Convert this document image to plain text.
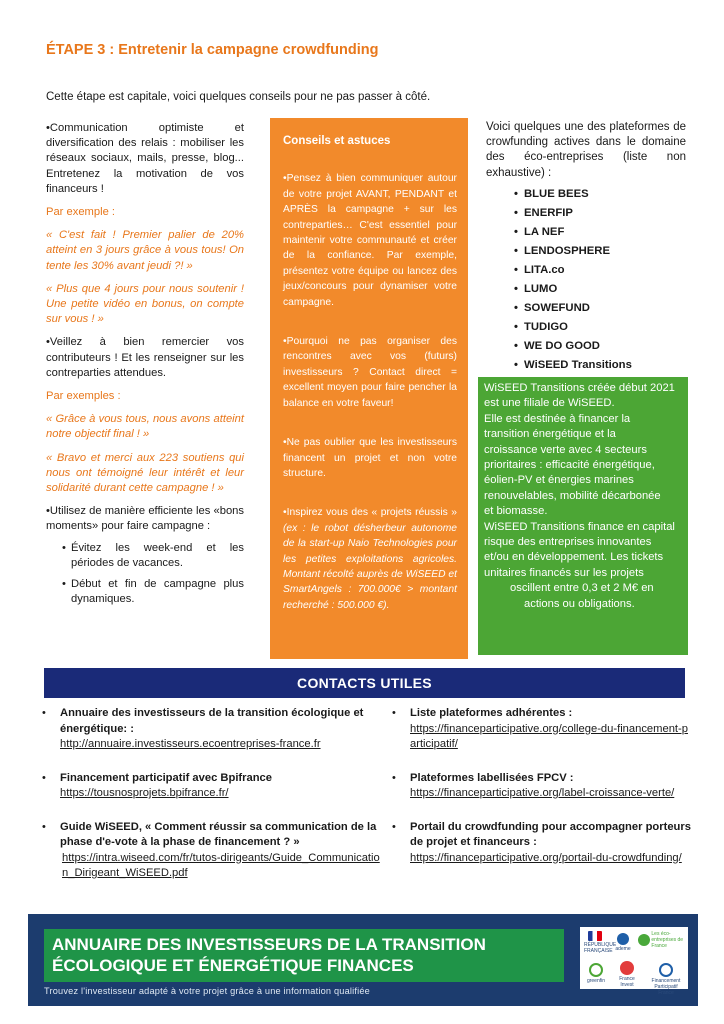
ÉTAPE 3 : Entretenir la campagne crowdfunding
Cette étape est capitale, voici quelques conseils pour ne pas passer à côté.

•Communication optimiste et diversification des relais : mobiliser les réseaux sociaux, mails, presse, blog... Entretenez la motivation de vos financeurs !

Par exemple :

« C'est fait ! Premier palier de 20% atteint en 3 jours grâce à vous tous! On tente les 30% avant jeudi ?! »

« Plus que 4 jours pour nous soutenir ! Une petite vidéo en bonus, on compte sur vous ! »

•Veillez à bien remercier vos contributeurs ! Et les renseigner sur les contreparties attendues.

Par exemples :

« Grâce à vous tous, nous avons atteint notre objectif final ! »

« Bravo et merci aux 223 soutiens qui nous ont témoigné leur intérêt et leur solidarité durant cette campagne ! »

•Utilisez de manière efficiente les «bons moments» pour faire campagne :

• Évitez les week-end et les périodes de vacances.
• Début et fin de campagne plus dynamiques.
Conseils et astuces

•Pensez à bien communiquer autour de votre projet AVANT, PENDANT et APRÈS la campagne + sur les contreparties… C'est essentiel pour maintenir votre communauté et créer de la confiance. Par exemple, présentez votre équipe ou lancez des jeux/concours pour dynamiser votre campagne.

•Pourquoi ne pas organiser des rencontres avec vos (futurs) investisseurs ? Contact direct = excellent moyen pour faire pencher la balance en votre faveur!

•Ne pas oublier que les investisseurs financent un projet et non votre structure.

•Inspirez vous des « projets réussis » (ex : le robot désherbeur autonome de la start-up Naio Technologies pour les petites exploitations agricoles. Montant récolté auprès de WiSEED et SmartAngels : 700.000€ > montant recherché : 500.000 €).

Voici quelques une des plateformes de crowfunding actives dans le domaine des éco-entreprises (liste non exhaustive) :

• BLUE BEES
• ENERFIP
• LA NEF
• LENDOSPHERE
• LITA.co
• LUMO
• SOWEFUND
• TUDIGO
• WE DO GOOD
• WiSEED Transitions
WiSEED Transitions créée début 2021
est une filiale de WiSEED.
Elle est destinée à financer la
transition énergétique et la
croissance verte avec 4 secteurs
prioritaires : efficacité énergétique,
éolien-PV et énergies marines
renouvelables, mobilité décarbonée
et biomasse.
WiSEED Transitions finance en capital
risque des entreprises innovantes
et/ou en développement. Les tickets
unitaires financés sur les projets
oscillent entre 0,3 et 2 M€ en
actions ou obligations.
CONTACTS UTILES
•	Annuaire des investisseurs de la transition écologique et énergétique: :
http://annuaire.investisseurs.ecoentreprises-france.fr
•	Financement participatif avec Bpifrance
https://tousnosprojets.bpifrance.fr/
•	Guide WiSEED, « Comment réussir sa communication de la phase d'e-vote à la phase de financement ? »
https://intra.wiseed.com/fr/tutos-dirigeants/Guide_Communication_Dirigeant_WiSEED.pdf
•	Liste plateformes adhérentes :
https://financeparticipative.org/college-du-financement-participatif/
•	Plateformes labellisées FPCV :
https://financeparticipative.org/label-croissance-verte/
•	Portail du crowdfunding pour accompagner porteurs de projet et financeurs :
https://financeparticipative.org/portail-du-crowdfunding/
ANNUAIRE DES INVESTISSEURS DE LA TRANSITION
ÉCOLOGIQUE ET ÉNERGÉTIQUE FINANCES
Trouvez l'investisseur adapté à votre projet grâce à une information qualifiée
RÉPUBLIQUE FRANÇAISE ademe
Les éco-entreprises de France
greenfin	France Invest
Financement Participatif France
